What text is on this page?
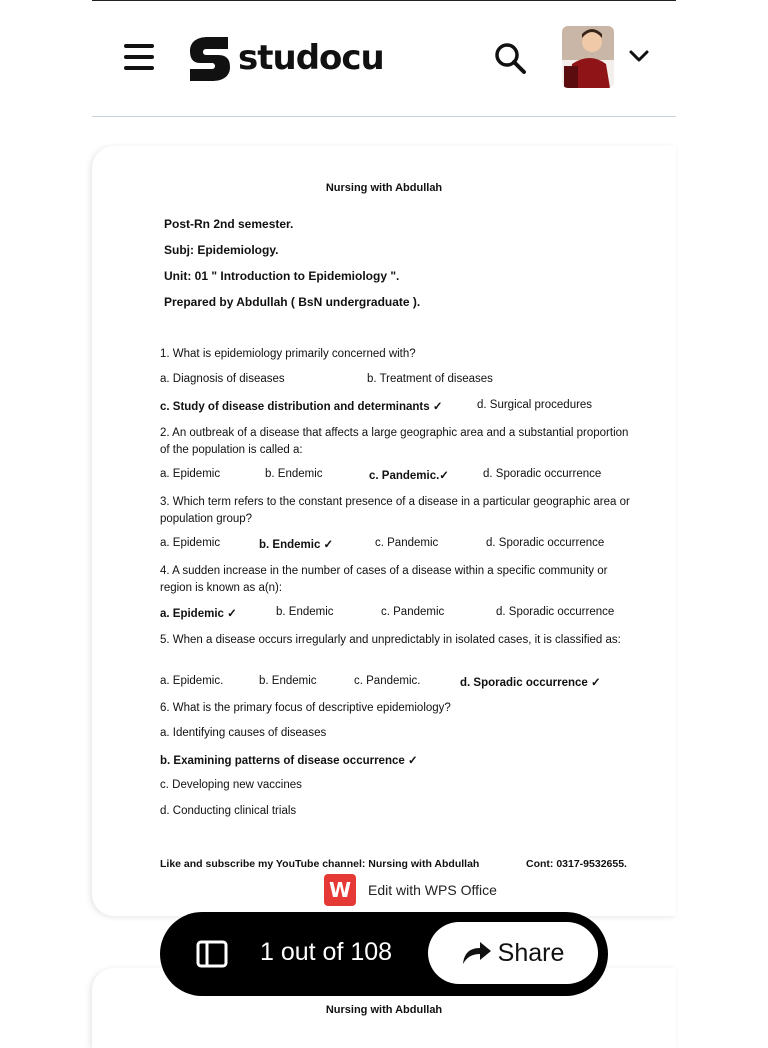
studocu
Nursing with Abdullah
Post-Rn 2nd semester.
Subj: Epidemiology.
Unit: 01 " Introduction to Epidemiology ".
Prepared by Abdullah ( BsN undergraduate ).
1. What is epidemiology primarily concerned with?
a. Diagnosis of diseases	b. Treatment of diseases
c. Study of disease distribution and determinants ✓	d. Surgical procedures
2. An outbreak of a disease that affects a large geographic area and a substantial proportion of the population is called a:
a. Epidemic	b. Endemic	c. Pandemic.✓	d. Sporadic occurrence
3. Which term refers to the constant presence of a disease in a particular geographic area or population group?
a. Epidemic	b. Endemic ✓	c. Pandemic	d. Sporadic occurrence
4. A sudden increase in the number of cases of a disease within a specific community or region is known as a(n):
a. Epidemic ✓	b. Endemic	c. Pandemic	d. Sporadic occurrence
5. When a disease occurs irregularly and unpredictably in isolated cases, it is classified as:
a. Epidemic.	b. Endemic	c. Pandemic.	d. Sporadic occurrence ✓
6. What is the primary focus of descriptive epidemiology?
a. Identifying causes of diseases
b. Examining patterns of disease occurrence ✓
c. Developing new vaccines
d. Conducting clinical trials
Like and subscribe my YouTube channel: Nursing with Abdullah	Cont: 0317-9532655.
W	Edit with WPS Office
Nursing with Abdullah
1 out of 108	Share
